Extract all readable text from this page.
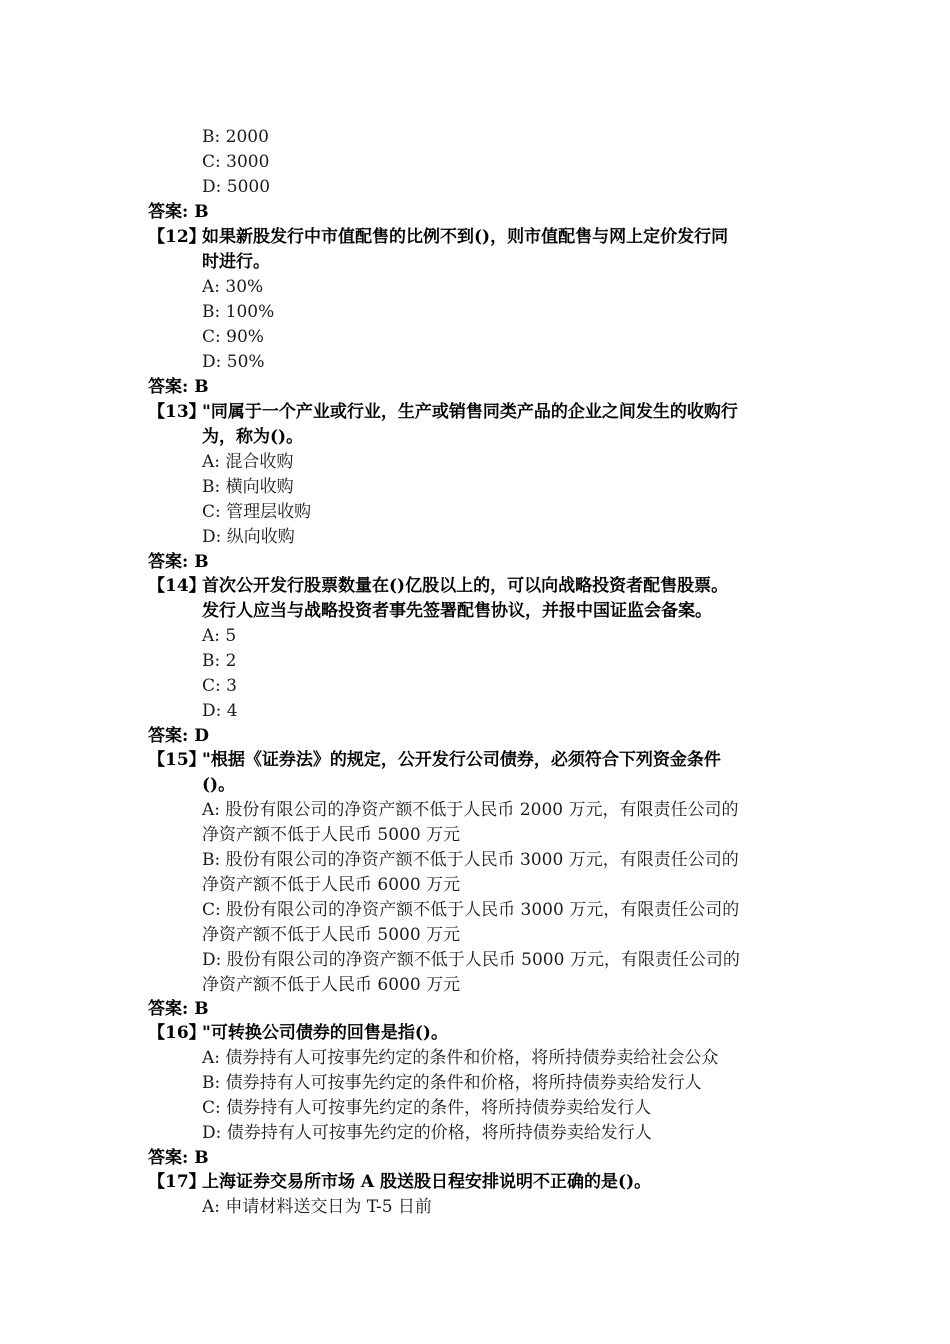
B: 2000
C: 3000
D: 5000
答案: B
【12】
如果新股发行中市值配售的比例不到()，则市值配售与网上定价发行同
时进行。
A: 30%
B: 100%
C: 90%
D: 50%
答案: B
【13】
"同属于一个产业或行业，生产或销售同类产品的企业之间发生的收购行
为，称为()。
A: 混合收购
B: 横向收购
C: 管理层收购
D: 纵向收购
答案: B
【14】
首次公开发行股票数量在()亿股以上的，可以向战略投资者配售股票。
发行人应当与战略投资者事先签署配售协议，并报中国证监会备案。
A: 5
B: 2
C: 3
D: 4
答案: D
【15】
"根据《证券法》的规定，公开发行公司债券，必须符合下列资金条件
()。
A: 股份有限公司的净资产额不低于人民币 2000 万元，有限责任公司的
净资产额不低于人民币 5000 万元
B: 股份有限公司的净资产额不低于人民币 3000 万元，有限责任公司的
净资产额不低于人民币 6000 万元
C: 股份有限公司的净资产额不低于人民币 3000 万元，有限责任公司的
净资产额不低于人民币 5000 万元
D: 股份有限公司的净资产额不低于人民币 5000 万元，有限责任公司的
净资产额不低于人民币 6000 万元
答案: B
【16】
"可转换公司债券的回售是指()。
A: 债券持有人可按事先约定的条件和价格，将所持债券卖给社会公众
B: 债券持有人可按事先约定的条件和价格，将所持债券卖给发行人
C: 债券持有人可按事先约定的条件，将所持债券卖给发行人
D: 债券持有人可按事先约定的价格，将所持债券卖给发行人
答案: B
【17】
上海证券交易所市场 A 股送股日程安排说明不正确的是()。
A: 申请材料送交日为 T-5 日前
